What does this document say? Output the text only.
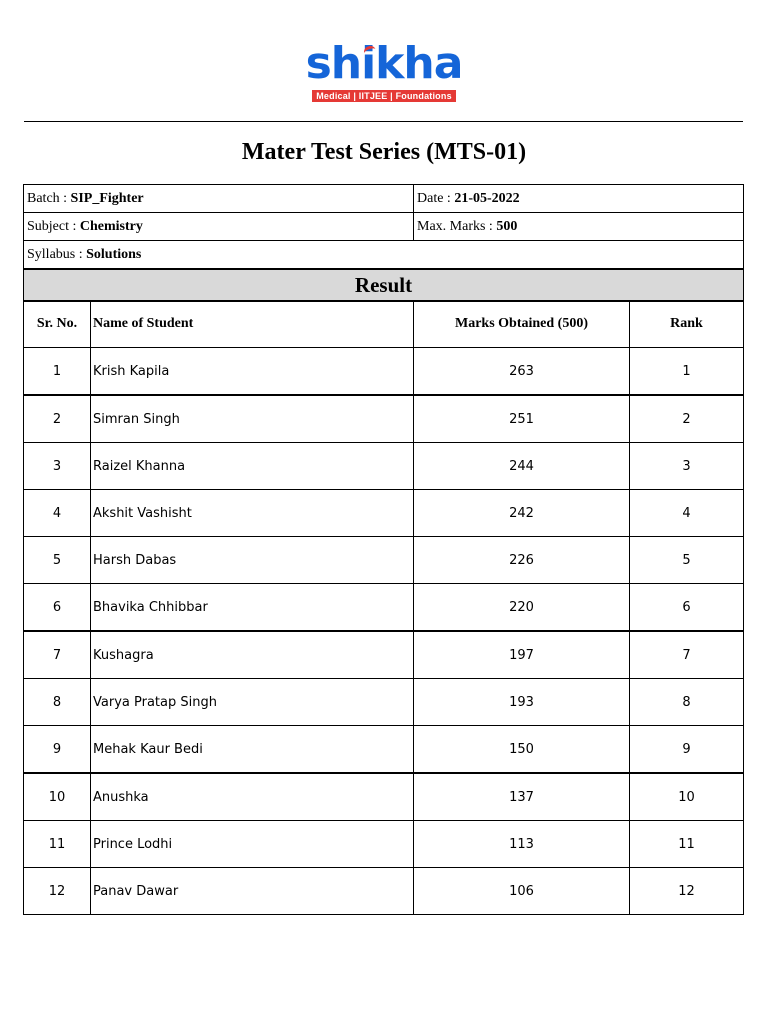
shikha
Medical | IITJEE | Foundations
Mater Test Series (MTS-01)
Batch : SIP_Fighter	Date : 21-05-2022
Subject : Chemistry	Max. Marks : 500
Syllabus : Solutions	
Result
Sr. No.	Name of Student	Marks Obtained (500)	Rank
1	Krish Kapila	263	1
2	Simran Singh	251	2
3	Raizel Khanna	244	3
4	Akshit Vashisht	242	4
5	Harsh Dabas	226	5
6	Bhavika Chhibbar	220	6
7	Kushagra	197	7
8	Varya Pratap Singh	193	8
9	Mehak Kaur Bedi	150	9
10	Anushka	137	10
11	Prince Lodhi	113	11
12	Panav Dawar	106	12
